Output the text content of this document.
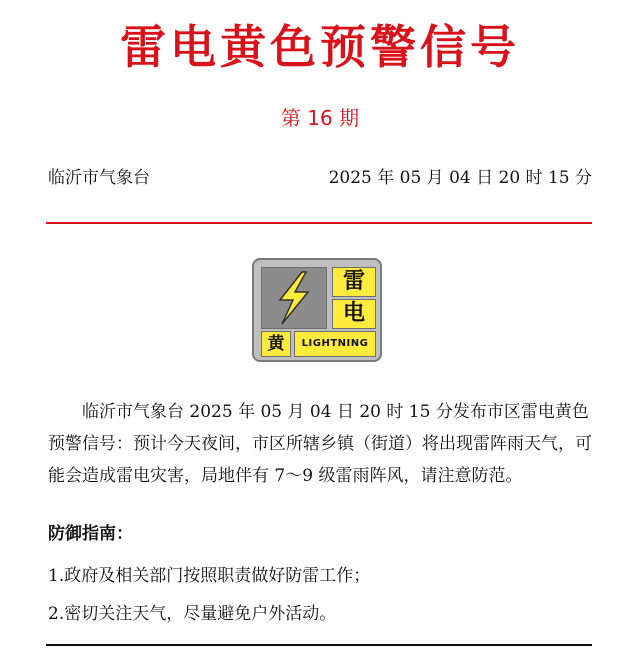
雷电黄色预警信号
第 16 期
临沂市气象台	2025 年 05 月 04 日 20 时 15 分
雷
电
黄	LIGHTNING

临沂市气象台 2025 年 05 月 04 日 20 时 15 分发布市区雷电黄色预警信号：预计今天夜间，市区所辖乡镇（街道）将出现雷阵雨天气，可能会造成雷电灾害，局地伴有 7～9 级雷雨阵风，请注意防范。

防御指南：
1.政府及相关部门按照职责做好防雷工作；
2.密切关注天气，尽量避免户外活动。
